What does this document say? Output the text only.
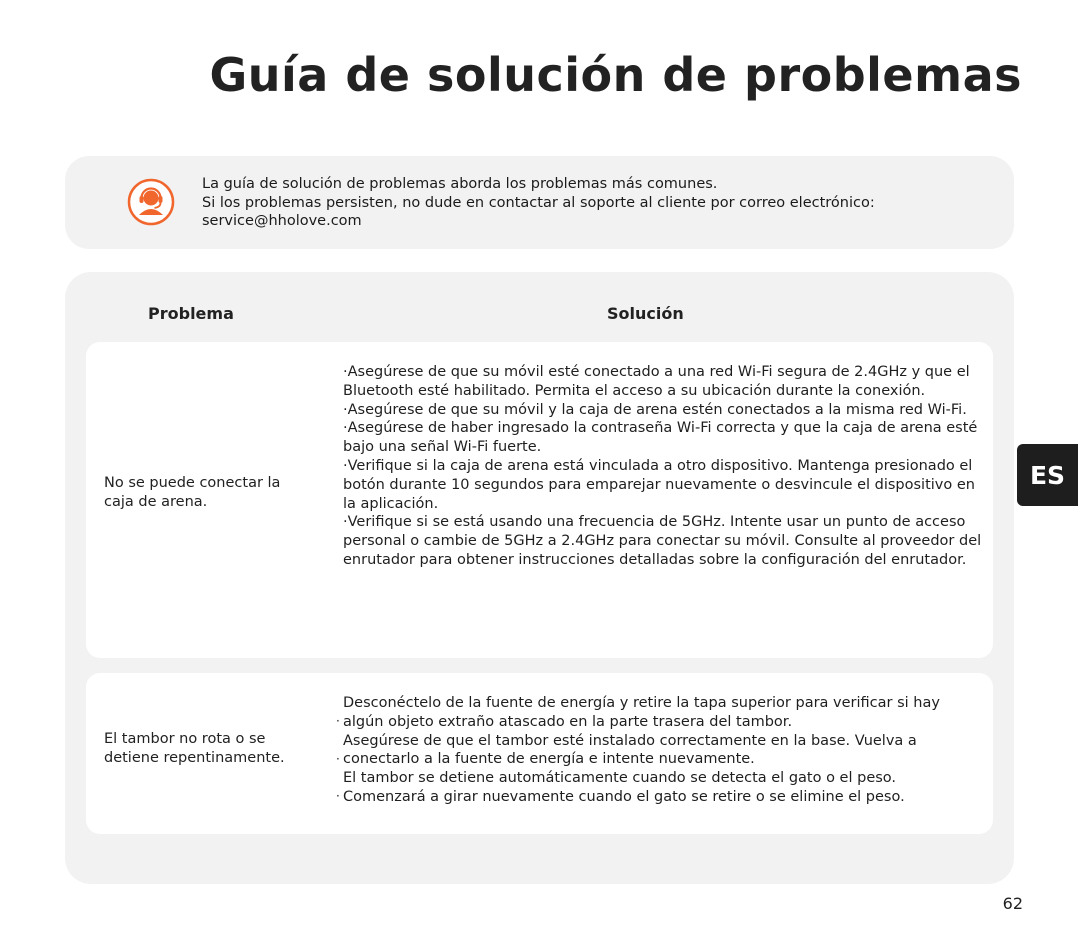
Guía de solución de problemas
La guía de solución de problemas aborda los problemas más comunes.
Si los problemas persisten, no dude en contactar al soporte al cliente por correo electrónico:
service@hholove.com
Problema	Solución
No se puede conectar la caja de arena.

·Asegúrese de que su móvil esté conectado a una red Wi-Fi segura de 2.4GHz y que el Bluetooth esté habilitado. Permita el acceso a su ubicación durante la conexión.

·Asegúrese de que su móvil y la caja de arena estén conectados a la misma red Wi-Fi.

·Asegúrese de haber ingresado la contraseña Wi-Fi correcta y que la caja de arena esté bajo una señal Wi-Fi fuerte.

·Verifique si la caja de arena está vinculada a otro dispositivo. Mantenga presionado el botón durante 10 segundos para emparejar nuevamente o desvincule el dispositivo en la aplicación.

·Verifique si se está usando una frecuencia de 5GHz. Intente usar un punto de acceso personal o cambie de 5GHz a 2.4GHz para conectar su móvil. Consulte al proveedor del enrutador para obtener instrucciones detalladas sobre la configuración del enrutador.

El tambor no rota o se detiene repentinamente.

·
Desconéctelo de la fuente de energía y retire la tapa superior para verificar si hay algún objeto extraño atascado en la parte trasera del tambor.

·
Asegúrese de que el tambor esté instalado correctamente en la base. Vuelva a conectarlo a la fuente de energía e intente nuevamente.

·
El tambor se detiene automáticamente cuando se detecta el gato o el peso. Comenzará a girar nuevamente cuando el gato se retire o se elimine el peso.

ES
62
